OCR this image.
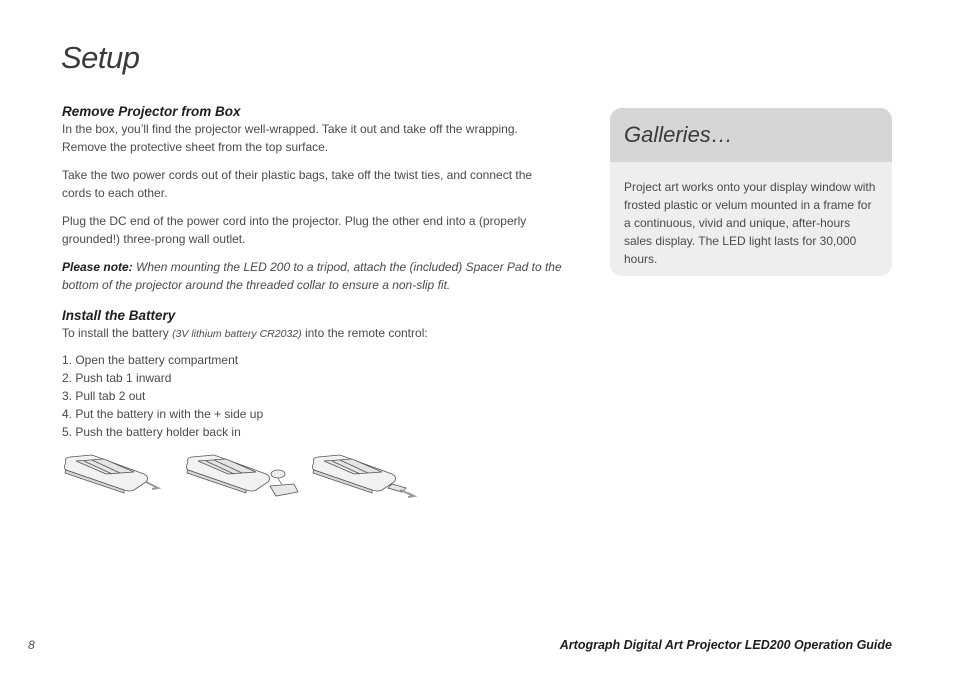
Setup
Remove Projector from Box

In the box, you’ll find the projector well-wrapped. Take it out and take off the wrapping. Remove the protective sheet from the top surface.

Take the two power cords out of their plastic bags, take off the twist ties, and connect the cords to each other.

Plug the DC end of the power cord into the projector. Plug the other end into a (properly grounded!) three-prong wall outlet.

Please note: When mounting the LED 200 to a tripod, attach the (included) Spacer Pad to the bottom of the projector around the threaded collar to ensure a non-slip fit.

Install the Battery

To install the battery (3V lithium battery CR2032) into the remote control:

1. Open the battery compartment
2. Push tab 1 inward
3. Pull tab 2 out
4. Put the battery in with the + side up
5. Push the battery holder back in
Galleries…

Project art works onto your display window with frosted plastic or velum mounted in a frame for a continuous, vivid and unique, after-hours sales display. The LED light lasts for 30,000 hours.

8	Artograph Digital Art Projector LED200 Operation Guide
